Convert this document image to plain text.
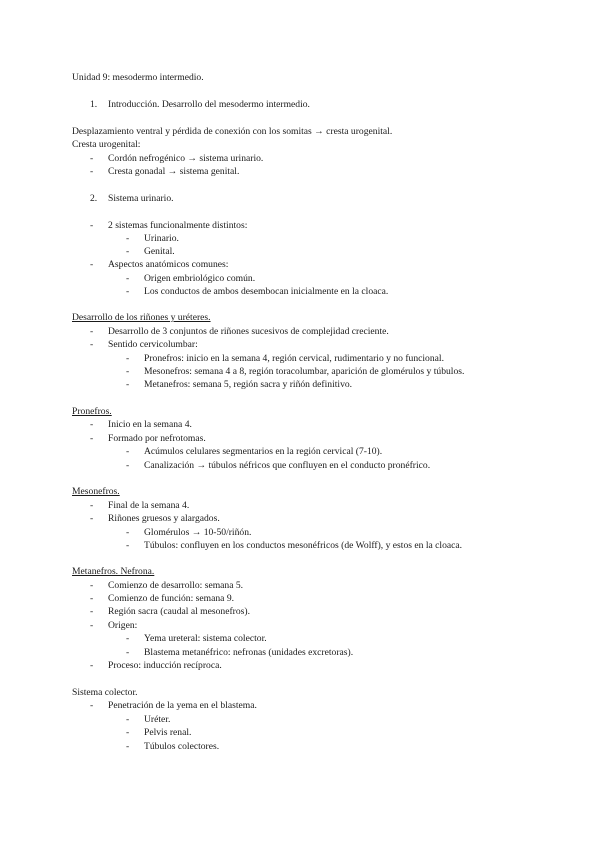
Unidad 9: mesodermo intermedio.
1. Introducción. Desarrollo del mesodermo intermedio.
Desplazamiento ventral y pérdida de conexión con los somitas → cresta urogenital.
Cresta urogenital:
- Cordón nefrogénico → sistema urinario.
- Cresta gonadal → sistema genital.
2. Sistema urinario.
- 2 sistemas funcionalmente distintos:
- Urinario.
- Genital.
- Aspectos anatómicos comunes:
- Origen embriológico común.
- Los conductos de ambos desembocan inicialmente en la cloaca.
Desarrollo de los riñones y uréteres.
- Desarrollo de 3 conjuntos de riñones sucesivos de complejidad creciente.
- Sentido cervicolumbar:
- Pronefros: inicio en la semana 4, región cervical, rudimentario y no funcional.
- Mesonefros: semana 4 a 8, región toracolumbar, aparición de glomérulos y túbulos.
- Metanefros: semana 5, región sacra y riñón definitivo.
Pronefros.
- Inicio en la semana 4.
- Formado por nefrotomas.
- Acúmulos celulares segmentarios en la región cervical (7-10).
- Canalización → túbulos néfricos que confluyen en el conducto pronéfrico.
Mesonefros.
- Final de la semana 4.
- Riñones gruesos y alargados.
- Glomérulos → 10-50/riñón.
- Túbulos: confluyen en los conductos mesonéfricos (de Wolff), y estos en la cloaca.
Metanefros. Nefrona.
- Comienzo de desarrollo: semana 5.
- Comienzo de función: semana 9.
- Región sacra (caudal al mesonefros).
- Origen:
- Yema ureteral: sistema colector.
- Blastema metanéfrico: nefronas (unidades excretoras).
- Proceso: inducción recíproca.
Sistema colector.
- Penetración de la yema en el blastema.
- Uréter.
- Pelvis renal.
- Túbulos colectores.
